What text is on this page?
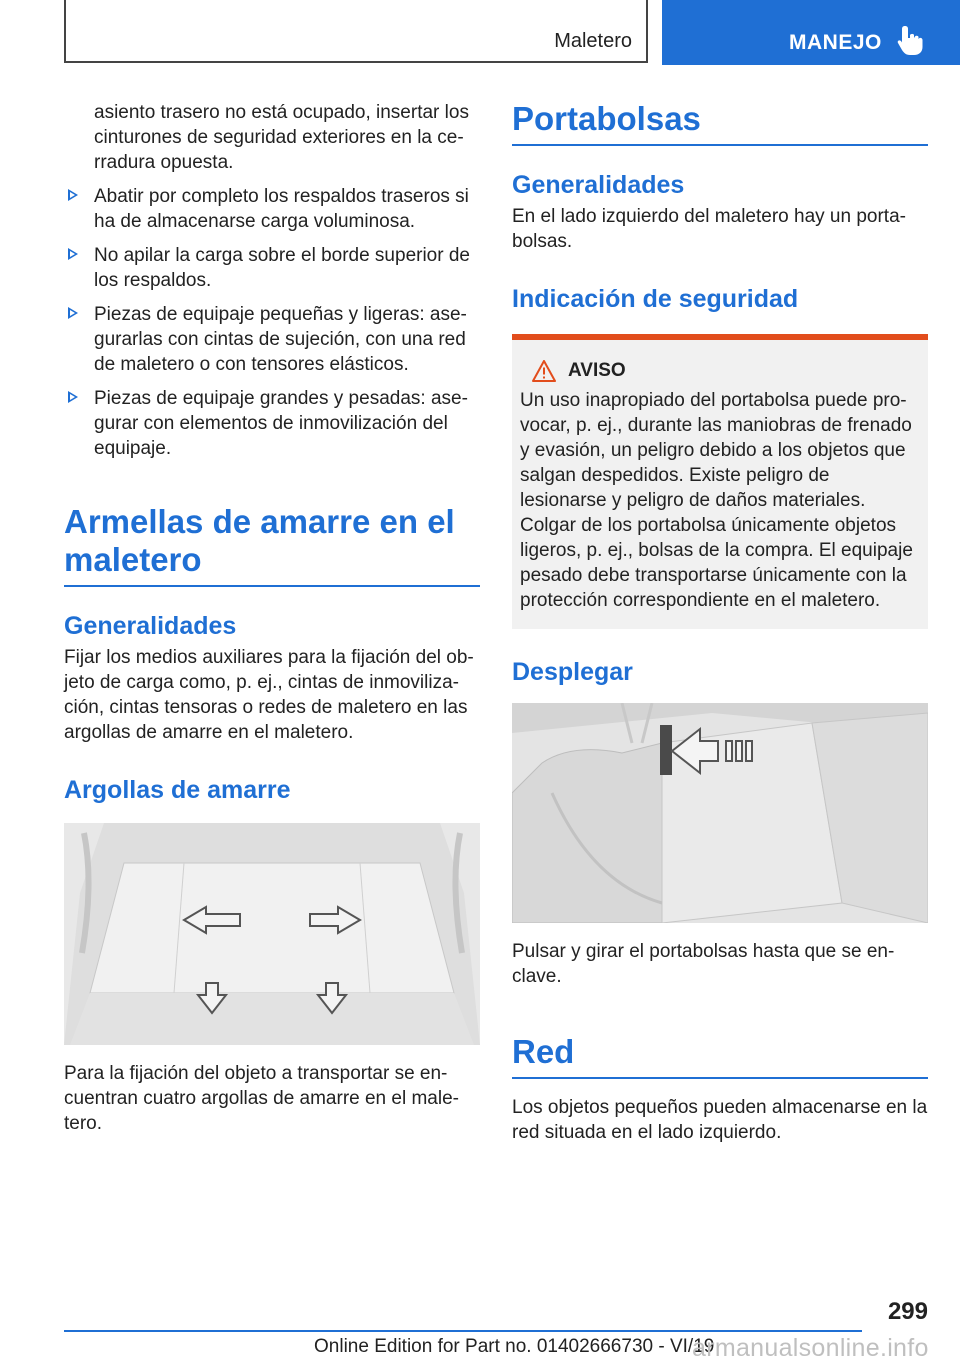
Maletero	MANEJO

asiento trasero no está ocupado, insertar los cinturones de seguridad exteriores en la ce-rradura opuesta.

Abatir por completo los respaldos traseros si ha de almacenarse carga voluminosa.
No apilar la carga sobre el borde superior de los respaldos.
Piezas de equipaje pequeñas y ligeras: ase-gurarlas con cintas de sujeción, con una red de maletero o con tensores elásticos.
Piezas de equipaje grandes y pesadas: ase-gurar con elementos de inmovilización del equipaje.
Armellas de amarre en el maletero
Generalidades

Fijar los medios auxiliares para la fijación del ob-jeto de carga como, p. ej., cintas de inmoviliza-ción, cintas tensoras o redes de maletero en las argollas de amarre en el maletero.

Argollas de amarre

Para la fijación del objeto a transportar se en-cuentran cuatro argollas de amarre en el male-tero.

Portabolsas
Generalidades

En el lado izquierdo del maletero hay un porta-bolsas.

Indicación de seguridad
AVISO

Un uso inapropiado del portabolsa puede pro-vocar, p. ej., durante las maniobras de frenado y evasión, un peligro debido a los objetos que salgan despedidos. Existe peligro de lesionarse y peligro de daños materiales. Colgar de los portabolsa únicamente objetos ligeros, p. ej., bolsas de la compra. El equipaje pesado debe transportarse únicamente con la protección correspondiente en el maletero.

Desplegar

Pulsar y girar el portabolsas hasta que se en-clave.

Red

Los objetos pequeños pueden almacenarse en la red situada en el lado izquierdo.

299
Online Edition for Part no. 01402666730 - VI/19
armanualsonline.info
